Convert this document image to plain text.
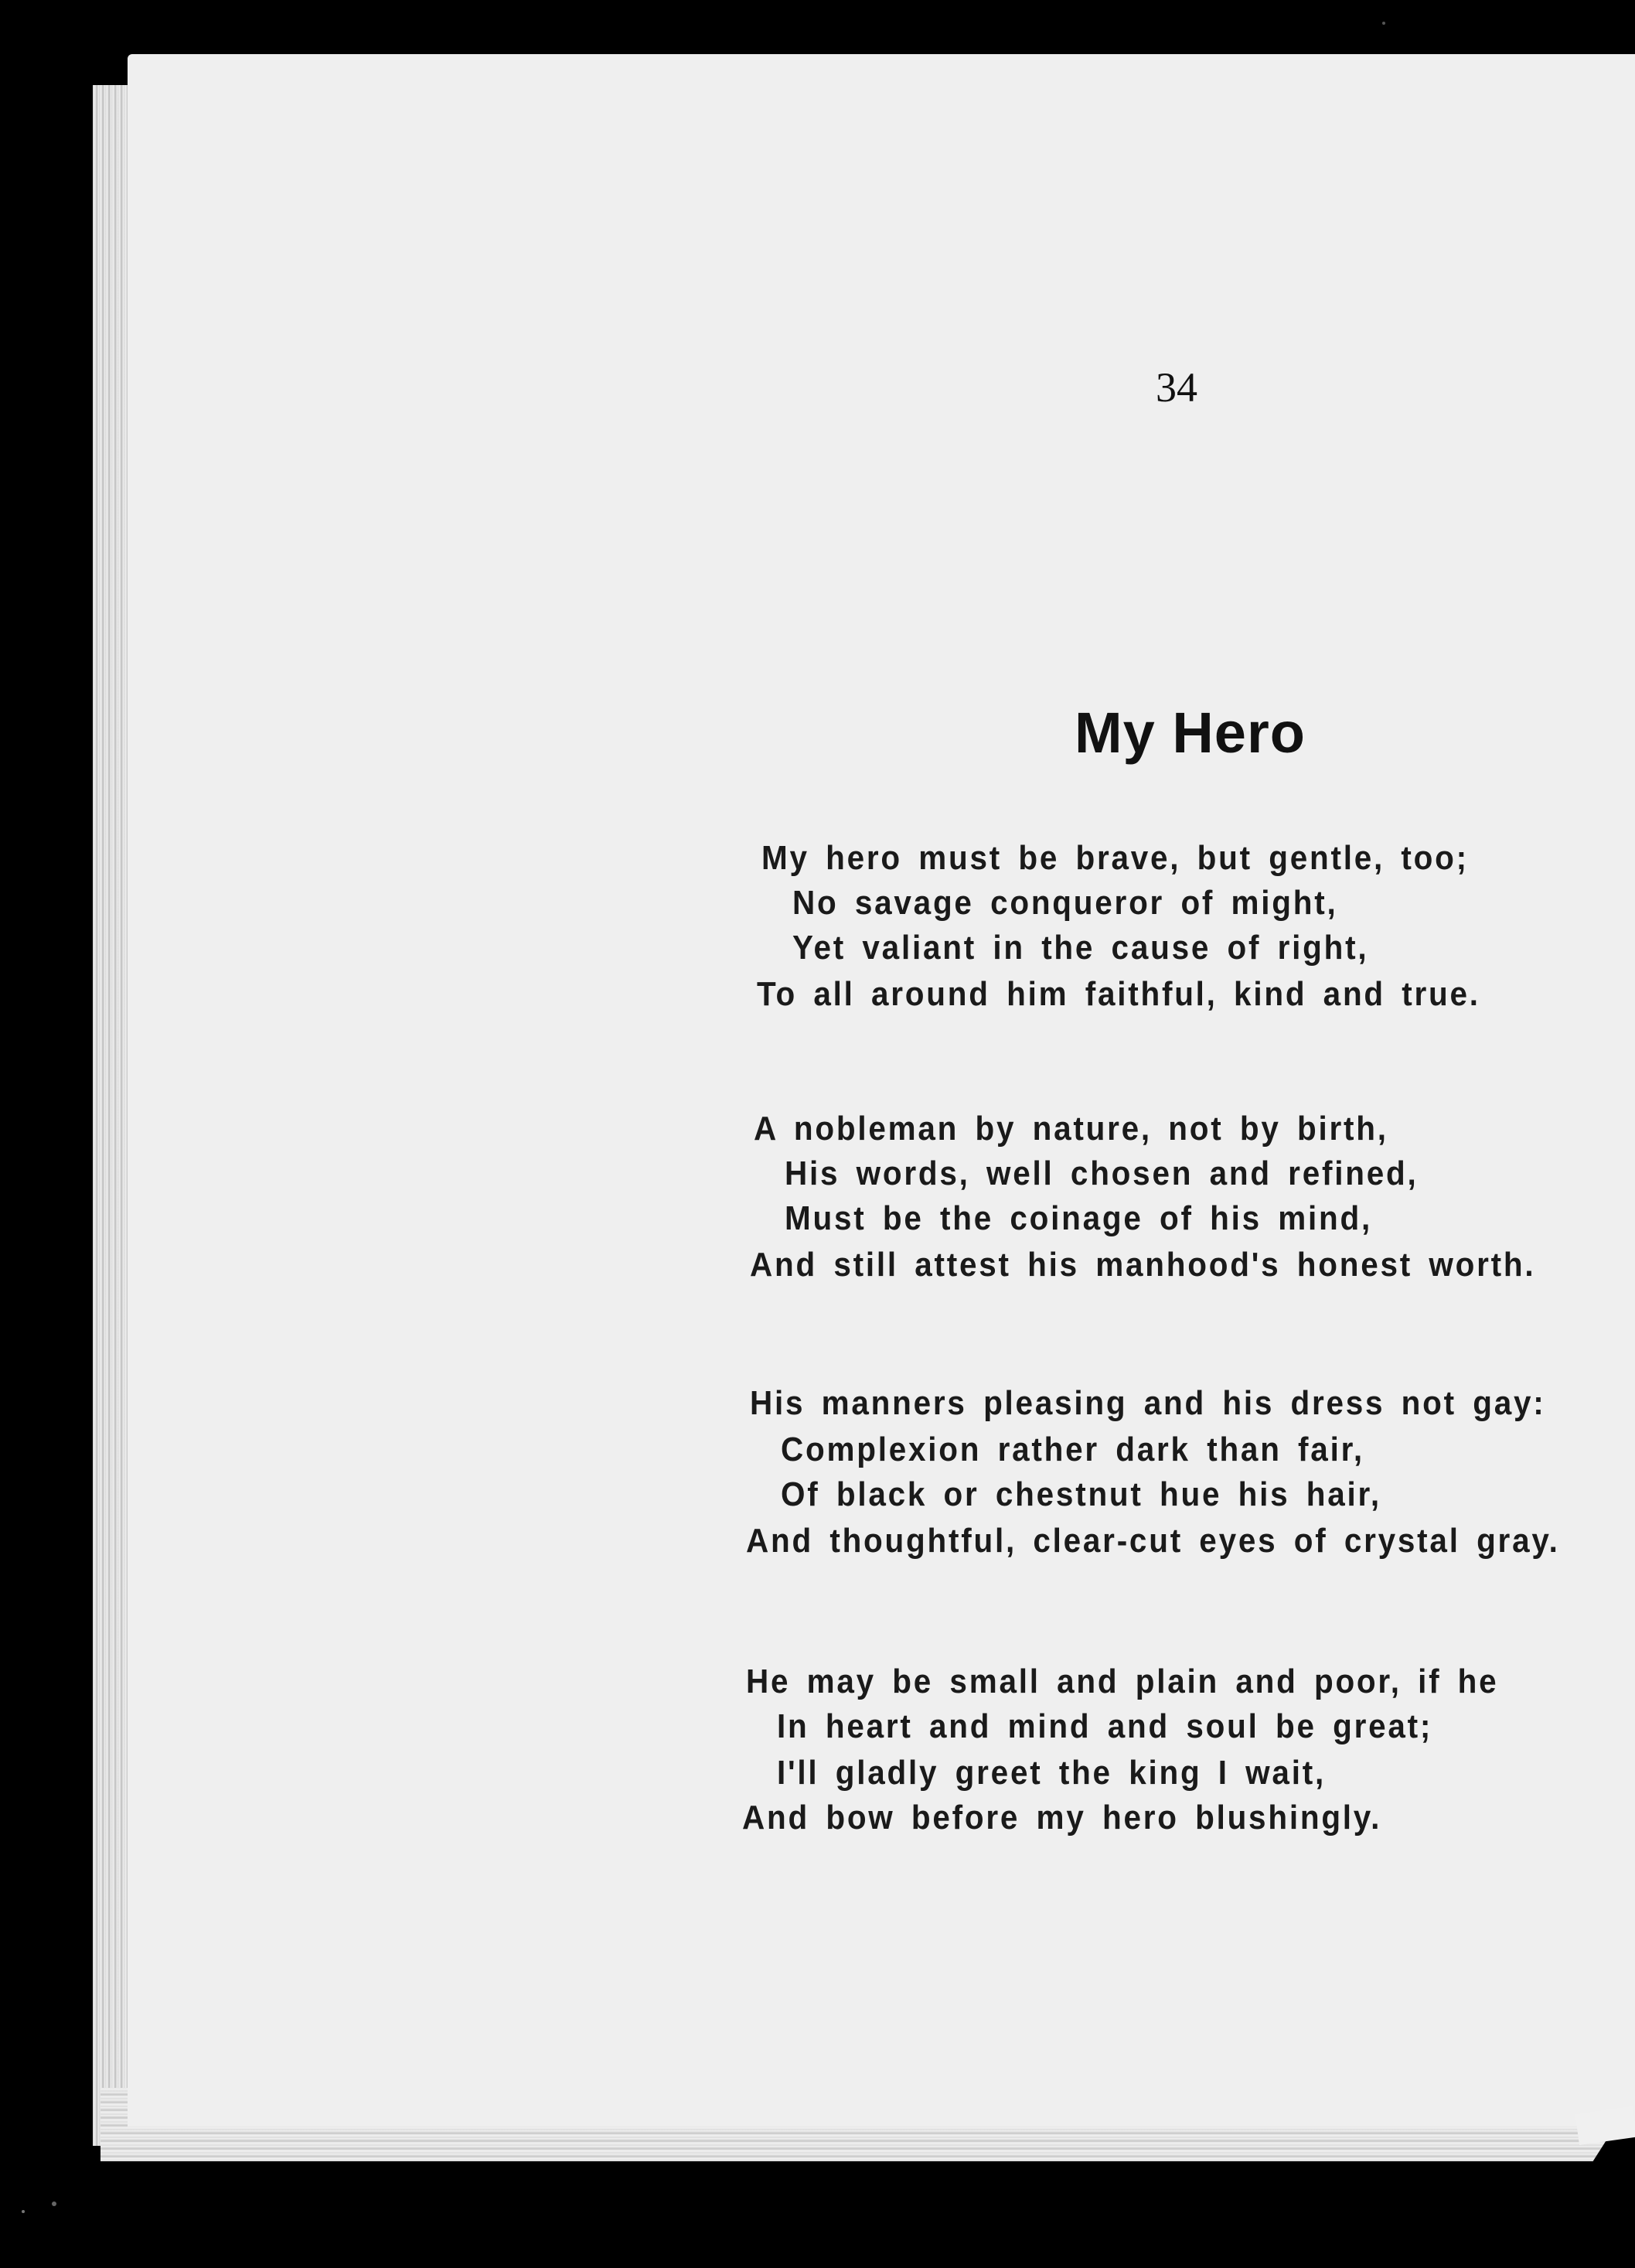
34
My Hero
My hero must be brave, but gentle, too;
No savage conqueror of might,
Yet valiant in the cause of right,
To all around him faithful, kind and true.
A nobleman by nature, not by birth,
His words, well chosen and refined,
Must be the coinage of his mind,
And still attest his manhood's honest worth.
His manners pleasing and his dress not gay:
Complexion rather dark than fair,
Of black or chestnut hue his hair,
And thoughtful, clear-cut eyes of crystal gray.
He may be small and plain and poor, if he
In heart and mind and soul be great;
I'll gladly greet the king I wait,
And bow before my hero blushingly.
